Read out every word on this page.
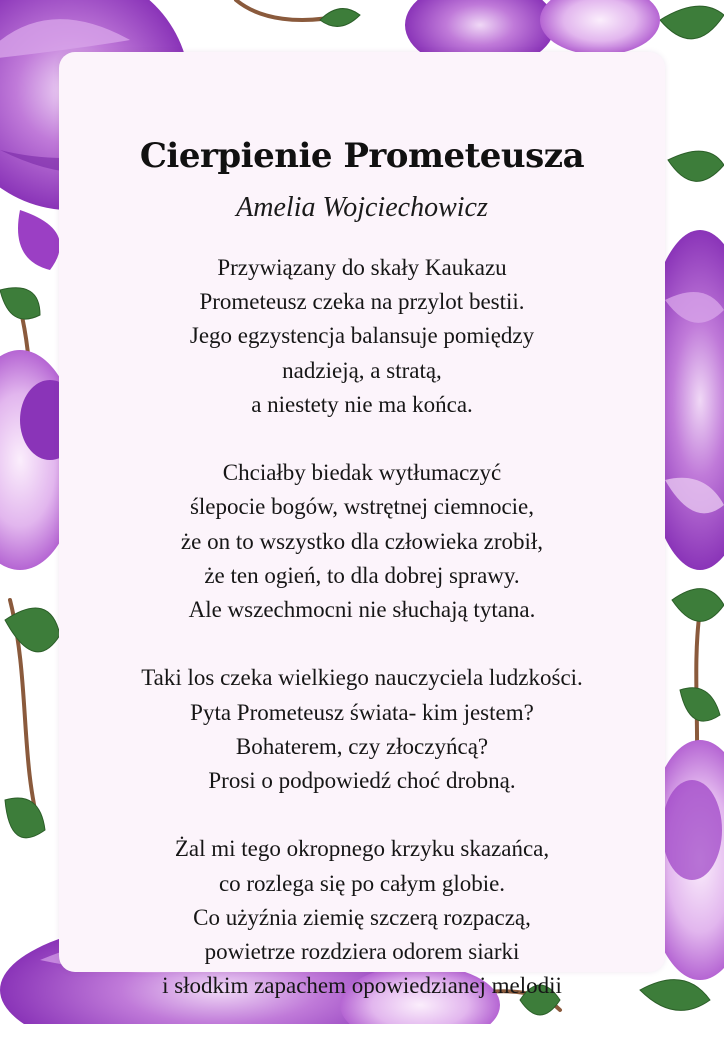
Cierpienie Prometeusza
Amelia Wojciechowicz
Przywiązany do skały Kaukazu
Prometeusz czeka na przylot bestii.
Jego egzystencja balansuje pomiędzy
nadzieją, a stratą,
a niestety nie ma końca.
Chciałby biedak wytłumaczyć
ślepocie bogów, wstrętnej ciemnocie,
że on to wszystko dla człowieka zrobił,
że ten ogień, to dla dobrej sprawy.
Ale wszechmocni nie słuchają tytana.
Taki los czeka wielkiego nauczyciela ludzkości.
Pyta Prometeusz świata- kim jestem?
Bohaterem, czy złoczyńcą?
Prosi o podpowiedź choć drobną.
Żal mi tego okropnego krzyku skazańca,
co rozlega się po całym globie.
Co użyźnia ziemię szczerą rozpaczą,
powietrze rozdziera odorem siarki
i słodkim zapachem opowiedzianej melodii
